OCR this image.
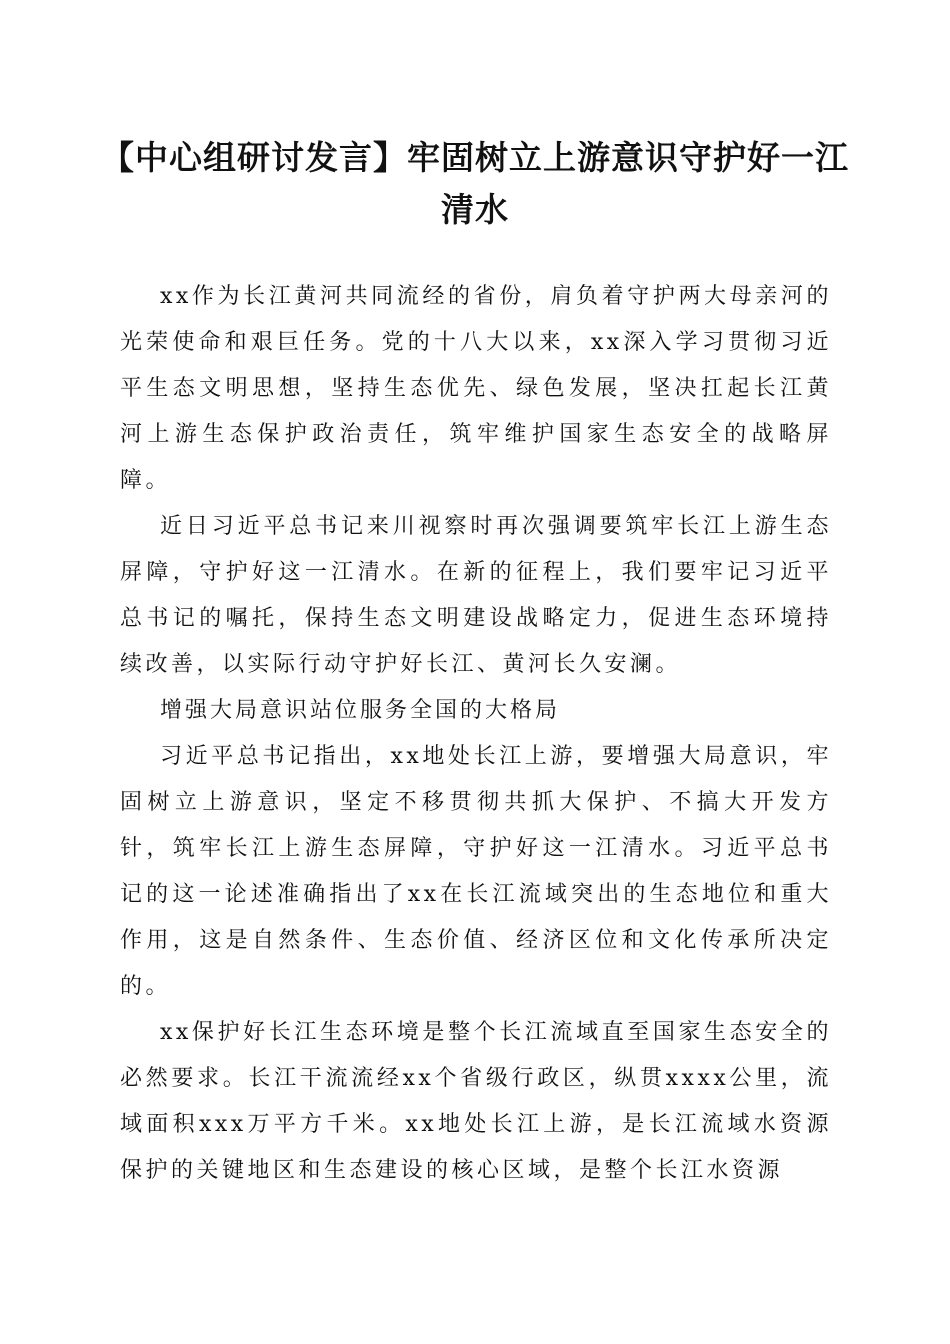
【中心组研讨发言】牢固树立上游意识守护好一江清水

xx作为长江黄河共同流经的省份，肩负着守护两大母亲河的光荣使命和艰巨任务。党的十八大以来，xx深入学习贯彻习近平生态文明思想，坚持生态优先、绿色发展，坚决扛起长江黄河上游生态保护政治责任，筑牢维护国家生态安全的战略屏障。

近日习近平总书记来川视察时再次强调要筑牢长江上游生态屏障，守护好这一江清水。在新的征程上，我们要牢记习近平总书记的嘱托，保持生态文明建设战略定力，促进生态环境持续改善，以实际行动守护好长江、黄河长久安澜。

增强大局意识站位服务全国的大格局

习近平总书记指出，xx地处长江上游，要增强大局意识，牢固树立上游意识，坚定不移贯彻共抓大保护、不搞大开发方针，筑牢长江上游生态屏障，守护好这一江清水。习近平总书记的这一论述准确指出了xx在长江流域突出的生态地位和重大作用，这是自然条件、生态价值、经济区位和文化传承所决定的。

xx保护好长江生态环境是整个长江流域直至国家生态安全的必然要求。长江干流流经xx个省级行政区，纵贯xxxx公里，流域面积xxx万平方千米。xx地处长江上游，是长江流域水资源保护的关键地区和生态建设的核心区域，是整个长江水资源
